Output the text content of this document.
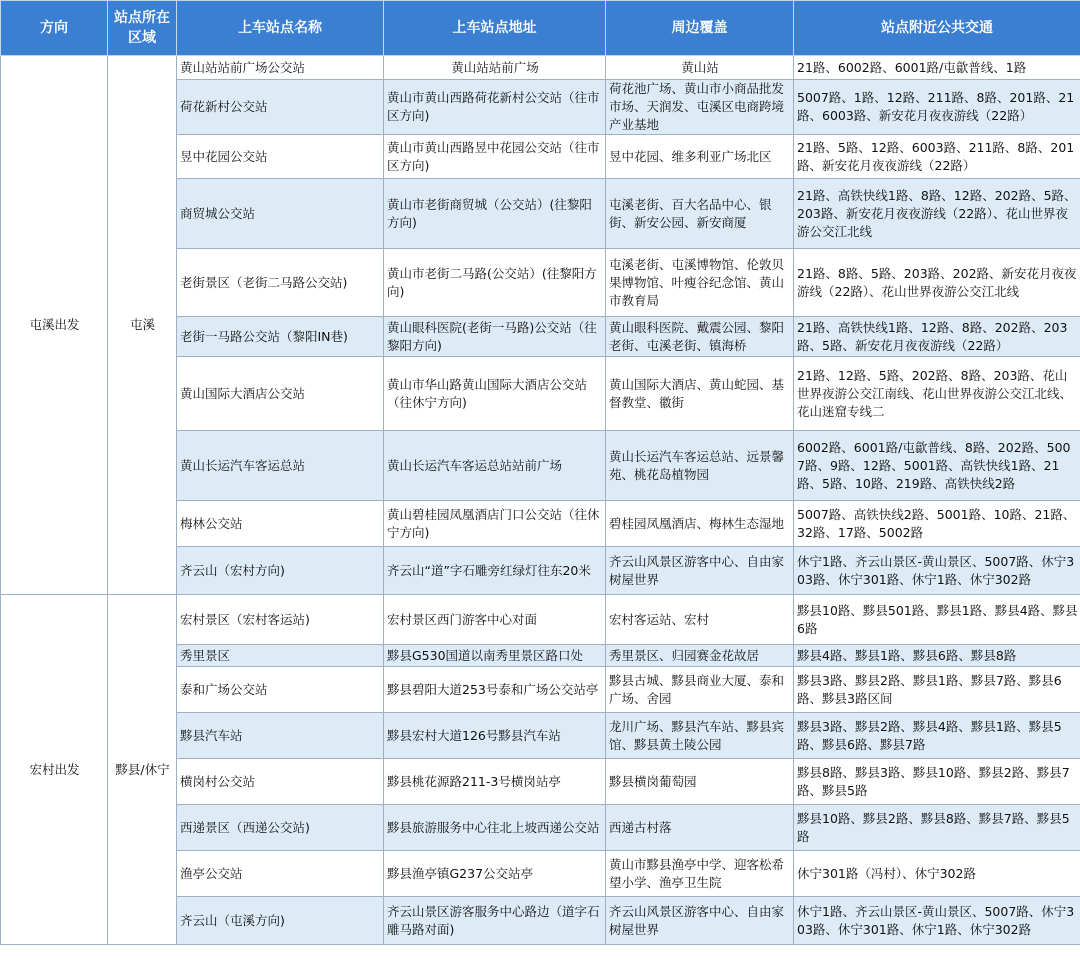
方向	站点所在区域	上车站点名称	上车站点地址	周边覆盖	站点附近公共交通
屯溪出发	屯溪	黄山站站前广场公交站	黄山站站前广场	黄山站	21路、6002路、6001路/屯歙普线、1路
		荷花新村公交站	黄山市黄山西路荷花新村公交站（往市区方向)	荷花池广场、黄山市小商品批发市场、天润发、屯溪区电商跨境产业基地	5007路、1路、12路、211路、8路、201路、21路、6003路、新安花月夜夜游线（22路）
		昱中花园公交站	黄山市黄山西路昱中花园公交站（往市区方向)	昱中花园、维多利亚广场北区	21路、5路、12路、6003路、211路、8路、201路、新安花月夜夜游线（22路）
		商贸城公交站	黄山市老街商贸城（公交站）(往黎阳方向)	屯溪老街、百大名品中心、银街、新安公园、新安商厦	21路、高铁快线1路、8路、12路、202路、5路、203路、新安花月夜夜游线（22路）、花山世界夜游公交江北线
		老街景区（老街二马路公交站)	黄山市老街二马路(公交站）(往黎阳方向)	屯溪老街、屯溪博物馆、伦敦贝果博物馆、叶瘦谷纪念馆、黄山市教育局	21路、8路、5路、203路、202路、新安花月夜夜游线（22路）、花山世界夜游公交江北线
		老街一马路公交站（黎阳IN巷)	黄山眼科医院(老街一马路)公交站（往黎阳方向)	黄山眼科医院、戴震公园、黎阳老街、屯溪老街、镇海桥	21路、高铁快线1路、12路、8路、202路、203路、5路、新安花月夜夜游线（22路）
		黄山国际大酒店公交站	黄山市华山路黄山国际大酒店公交站（往休宁方向)	黄山国际大酒店、黄山蛇园、基督教堂、徽街	21路、12路、5路、202路、8路、203路、花山世界夜游公交江南线、花山世界夜游公交江北线、花山迷窟专线二
		黄山长运汽车客运总站	黄山长运汽车客运总站站前广场	黄山长运汽车客运总站、远景馨苑、桃花岛植物园	6002路、6001路/屯歙普线、8路、202路、5007路、9路、12路、5001路、高铁快线1路、21路、5路、10路、219路、高铁快线2路
		梅林公交站	黄山碧桂园凤凰酒店门口公交站（往休宁方向)	碧桂园凤凰酒店、梅林生态湿地	5007路、高铁快线2路、5001路、10路、21路、32路、17路、5002路
		齐云山（宏村方向)	齐云山“道”字石雕旁红绿灯往东20米	齐云山风景区游客中心、自由家树屋世界	休宁1路、齐云山景区-黄山景区、5007路、休宁303路、休宁301路、休宁1路、休宁302路
宏村出发	黟县/休宁	宏村景区（宏村客运站)	宏村景区西门游客中心对面	宏村客运站、宏村	黟县10路、黟县501路、黟县1路、黟县4路、黟县6路
		秀里景区	黟县G530国道以南秀里景区路口处	秀里景区、归园赛金花故居	黟县4路、黟县1路、黟县6路、黟县8路
		泰和广场公交站	黟县碧阳大道253号泰和广场公交站亭	黟县古城、黟县商业大厦、泰和广场、舍园	黟县3路、黟县2路、黟县1路、黟县7路、黟县6路、黟县3路区间
		黟县汽车站	黟县宏村大道126号黟县汽车站	龙川广场、黟县汽车站、黟县宾馆、黟县黄土陵公园	黟县3路、黟县2路、黟县4路、黟县1路、黟县5路、黟县6路、黟县7路
		横岗村公交站	黟县桃花源路211-3号横岗站亭	黟县横岗葡萄园	黟县8路、黟县3路、黟县10路、黟县2路、黟县7路、黟县5路
		西递景区（西递公交站)	黟县旅游服务中心往北上坡西递公交站	西递古村落	黟县10路、黟县2路、黟县8路、黟县7路、黟县5路
		渔亭公交站	黟县渔亭镇G237公交站亭	黄山市黟县渔亭中学、迎客松希望小学、渔亭卫生院	休宁301路（冯村）、休宁302路
		齐云山（屯溪方向)	齐云山景区游客服务中心路边（道字石雕马路对面)	齐云山风景区游客中心、自由家树屋世界	休宁1路、齐云山景区-黄山景区、5007路、休宁303路、休宁301路、休宁1路、休宁302路
